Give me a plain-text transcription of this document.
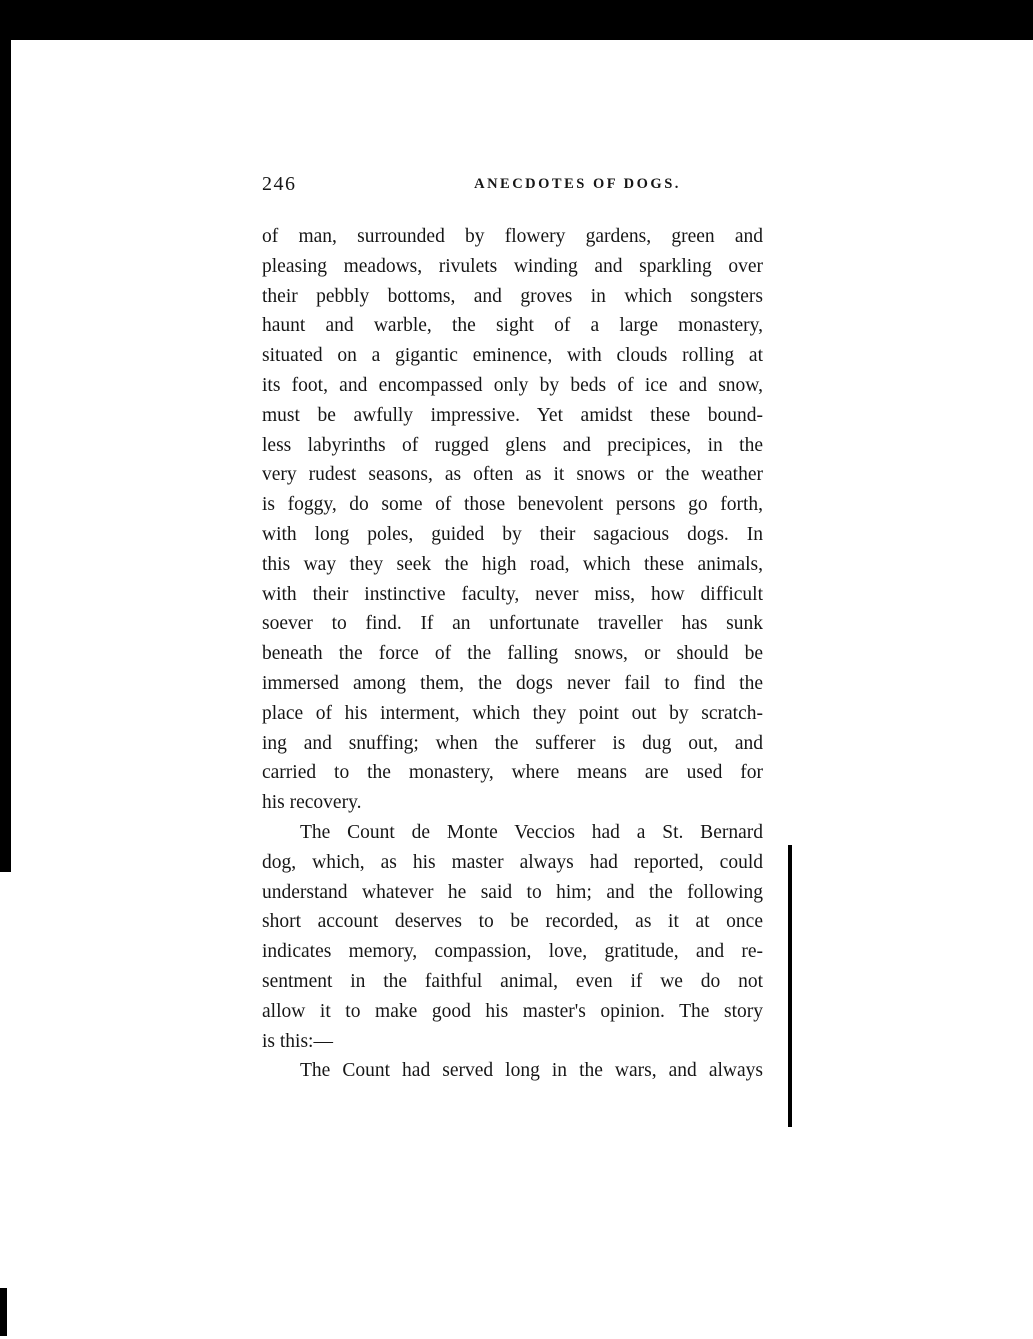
246	ANECDOTES OF DOGS.
of man, surrounded by flowery gardens, green and
pleasing meadows, rivulets winding and sparkling over
their pebbly bottoms, and groves in which songsters
haunt and warble, the sight of a large monastery,
situated on a gigantic eminence, with clouds rolling at
its foot, and encompassed only by beds of ice and snow,
must be awfully impressive. Yet amidst these bound-
less labyrinths of rugged glens and precipices, in the
very rudest seasons, as often as it snows or the weather
is foggy, do some of those benevolent persons go forth,
with long poles, guided by their sagacious dogs. In
this way they seek the high road, which these animals,
with their instinctive faculty, never miss, how difficult
soever to find. If an unfortunate traveller has sunk
beneath the force of the falling snows, or should be
immersed among them, the dogs never fail to find the
place of his interment, which they point out by scratch-
ing and snuffing; when the sufferer is dug out, and
carried to the monastery, where means are used for
his recovery.
The Count de Monte Veccios had a St. Bernard
dog, which, as his master always had reported, could
understand whatever he said to him; and the following
short account deserves to be recorded, as it at once
indicates memory, compassion, love, gratitude, and re-
sentment in the faithful animal, even if we do not
allow it to make good his master's opinion. The story
is this:—
The Count had served long in the wars, and always
